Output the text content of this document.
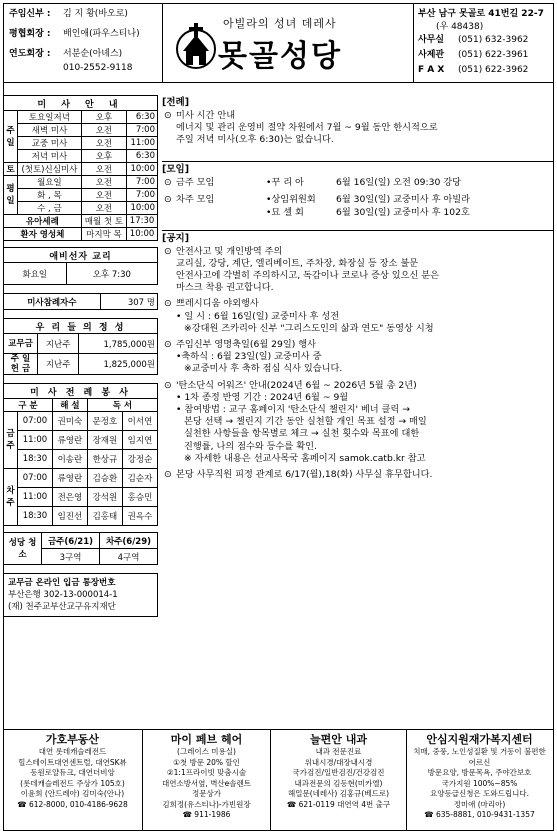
주임신부 :	김 지 황(바오로)
평협회장 :	배인애(파우스티나)
연도회장 :	서분순(아녜스)
010-2552-9118
아빌라의 성녀 데레사
못골성당
부산 남구 못골로 41번길 22-7
(우 48438)
사무실	(051) 632-3962
사제관	(051) 622-3961
F A X	(051) 622-3962
미 사 안 내			
주일	토요일저녁	오후	6:30
	새벽 미사	오전	7:00
	교중 미사	오전	11:00
	저녁 미사	오후	6:30
토	(첫토)신심미사	오전	10:00
평일	월요일	오전	7:00
	화 , 목	오전	7:00
	수 , 금	오전	10:00
유아세례		매월 첫 토	17:30
환자 영성체		마지막 목	10:00
애비선자 교리
화요일	오후 7:30
미사참례자수	307 명
우 리 들 의 정 성		
교무금	지난주	1,785,000원
주 일 헌 금	지난주	1,825,000원
미 사 전 례 봉 사				
구 분		해 설	독 서	
금주	07:00	권미숙	문정호	이서연
	11:00	류영란	장재원	임지연
	18:30	이송란	한상규	강정순
차주	07:00	류영란	김승환	김순자
	11:00	전은영	강석원	홍승민
	18:30	임진선	김홍태	권옥수
성당 청소	금주(6/21)	차주(6/29)
	3구역	4구역
교무금 온라인 입금 통장번호
부산은행 302-13-000014-1
(재) 천주교부산교구유지재단
[전례]
⊙ 미사 시간 안내
에너지 및 관리 운영비 절약 차원에서 7월 ~ 9월 동안 한시적으로
주일 저녁 미사(오후 6:30)는 없습니다.
[모임]
⊙ 금주 모임	•꾸 리 아	6월 16일(일) 오전 09:30 강당
⊙ 차주 모임	•상임위원회	6월 30일(일) 교중미사 후 아빌라
•묘 셀 회	6월 30일(일) 교중미사 후 102호
[공지]
⊙ 안전사고 및 개인방역 주의
교리실, 강당, 계단, 엘리베이트, 주차장, 화장실 등 장소 불문
안전사고에 각별히 주의하시고, 독감이나 코로나 증상 있으신 분은
마스크 착용 권고합니다.
⊙ 쁘레시디움 야외행사
• 일 시 : 6월 16일(일) 교중미사 후 성전
※강대원 즈카리아 신부 "그리스도인의 삶과 연도" 동영상 시청
⊙ 주임신부 영명축일(6월 29일) 행사
•축하식 : 6월 23일(일) 교중미사 중
※교중미사 후 축하 점심 식사 있습니다.
⊙ '탄소단식 어워즈' 안내(2024년 6월 ~ 2026년 5월 총 2년)
• 1차 종정 반영 기간 : 2024년 6월 ~ 9월
• 참여방법 : 교구 홈페이지 '탄소단식 챌린지' 베너 클릭 →
본당 선택 → 챌린지 기간 동안 실천할 개인 목표 설정 → 매일
실천한 사항들을 항목별로 체크 → 실천 횟수와 목표에 대한
진행률, 나의 점수와 등수를 확인.
※ 자세한 내용은 선교사목국 홈페이지 samok.catb.kr 참고
⊙ 본당 사무직원 피정 관계로 6/17(월),18(화) 사무실 휴무합니다.
가호부동산
대연 롯데캐슬레전드
힐스테이트대연센트럴, 대연SK뷰
동원로얄듀크, 대연더비앙
(롯데캐슬레전드 주상가 105호)
이윤희 (안드레아) 김미숙(안나)
☎ 612-8000, 010-4186-9628
마이 페브 헤어
(그레이스 미용실)
①첫 방문 20% 할인
②1:1프라이빗 맞춤시술
대연소방서옆, 벽산e솔렌트
정문상가
김희정(유스티나)-가빈원장
☎ 911-1986
늘편안 내과
내과 전문진료
위내시경/대장내시경
국가검진/일반검진/건강검진
내과전문의 김동현(미카엘)
해밀문(네레사) 김홍규(베드로)
☎ 621-0119 대연역 4번 출구
안심지원재가복지센터
치매, 중풍, 노인성질환 및 거동이 불편한
어르신
방문요양, 방문목욕, 주야간보호
국가지원 100%~85%
요양등급신청은 도와드립니다.
정미애 (마리아)
☎ 635-8881, 010-9431-1357
